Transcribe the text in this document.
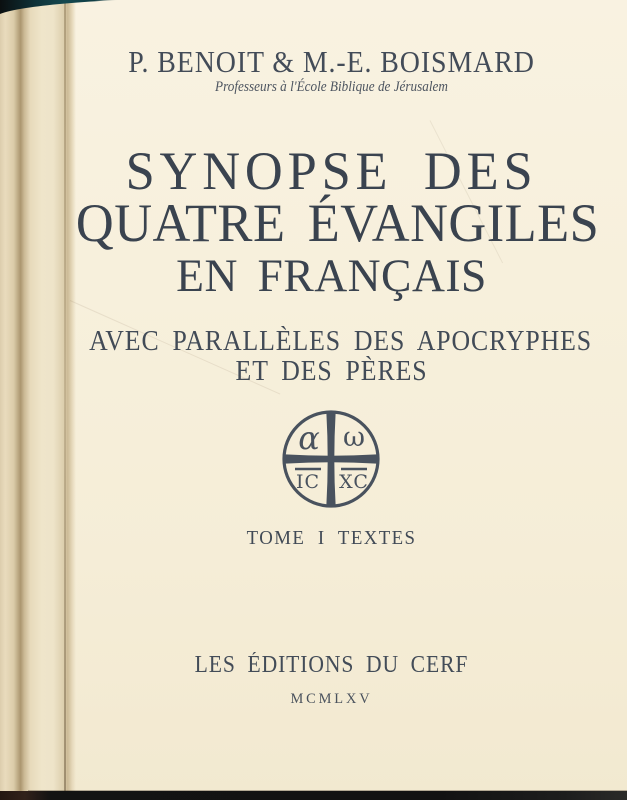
P. BENOIT & M.-E. BOISMARD
Professeurs à l'École Biblique de Jérusalem
SYNOPSE DES
QUATRE ÉVANGILES
EN FRANÇAIS
AVEC PARALLÈLES DES APOCRYPHES
ET DES PÈRES
α ω
IC XC
TOME I TEXTES
LES ÉDITIONS DU CERF
MCMLXV
